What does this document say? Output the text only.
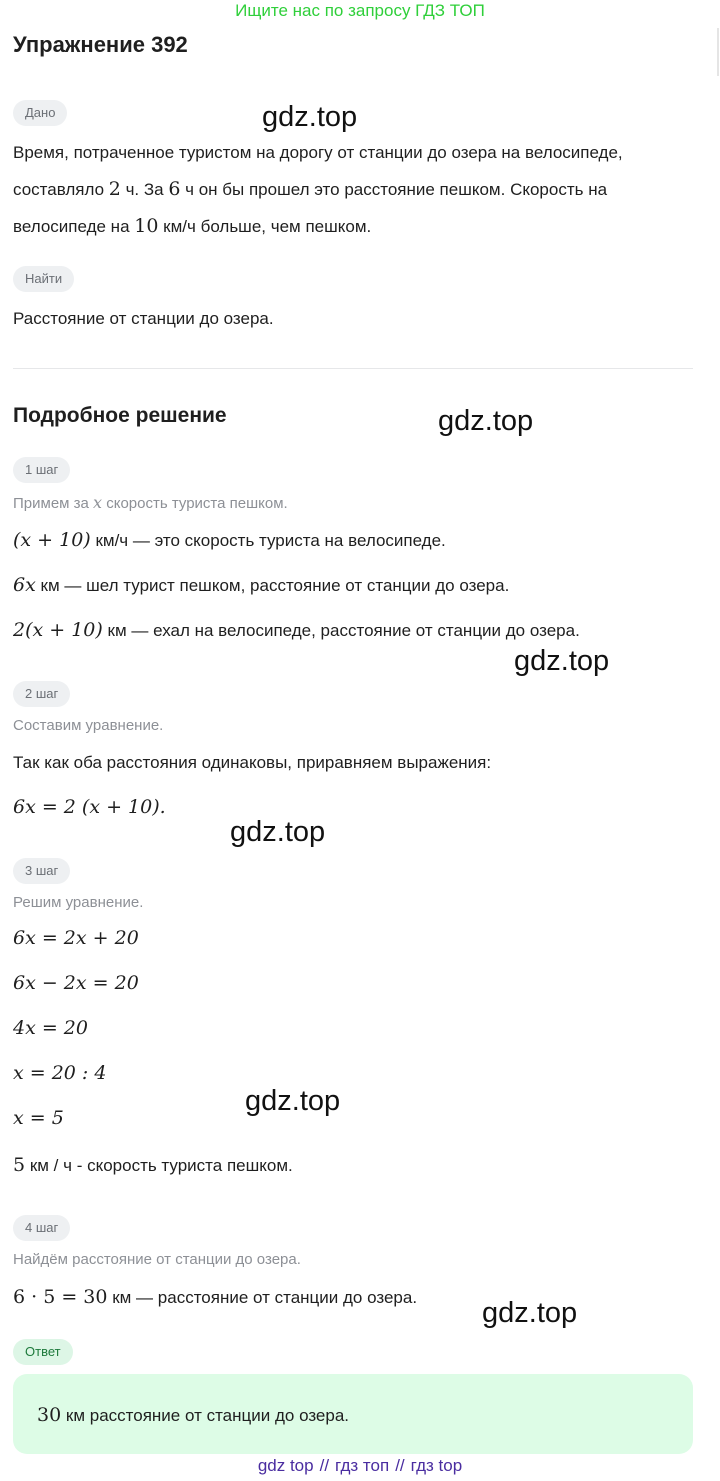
Ищите нас по запросу ГДЗ ТОП
Упражнение 392
Дано	gdz.top
Время, потраченное туристом на дорогу от станции до озера на велосипеде,
составляло 2 ч. За 6 ч он бы прошел это расстояние пешком. Скорость на
велосипеде на 10 км/ч больше, чем пешком.
Найти
Расстояние от станции до озера.
Подробное решение	gdz.top
1 шаг
Примем за x скорость туриста пешком.
(x + 10) км/ч — это скорость туриста на велосипеде.
6x км — шел турист пешком, расстояние от станции до озера.
2(x + 10) км — ехал на велосипеде, расстояние от станции до озера.
gdz.top
2 шаг
Составим уравнение.
Так как оба расстояния одинаковы, приравняем выражения:
6x = 2 (x + 10).
gdz.top
3 шаг
Решим уравнение.
6x = 2x + 20
6x − 2x = 20
4x = 20
x = 20 : 4
x = 5
gdz.top
5 км / ч - скорость туриста пешком.
4 шаг
Найдём расстояние от станции до озера.
6 · 5 = 30 км — расстояние от станции до озера. gdz.top
Ответ
30 км расстояние от станции до озера.
gdz top // гдз топ // гдз top
